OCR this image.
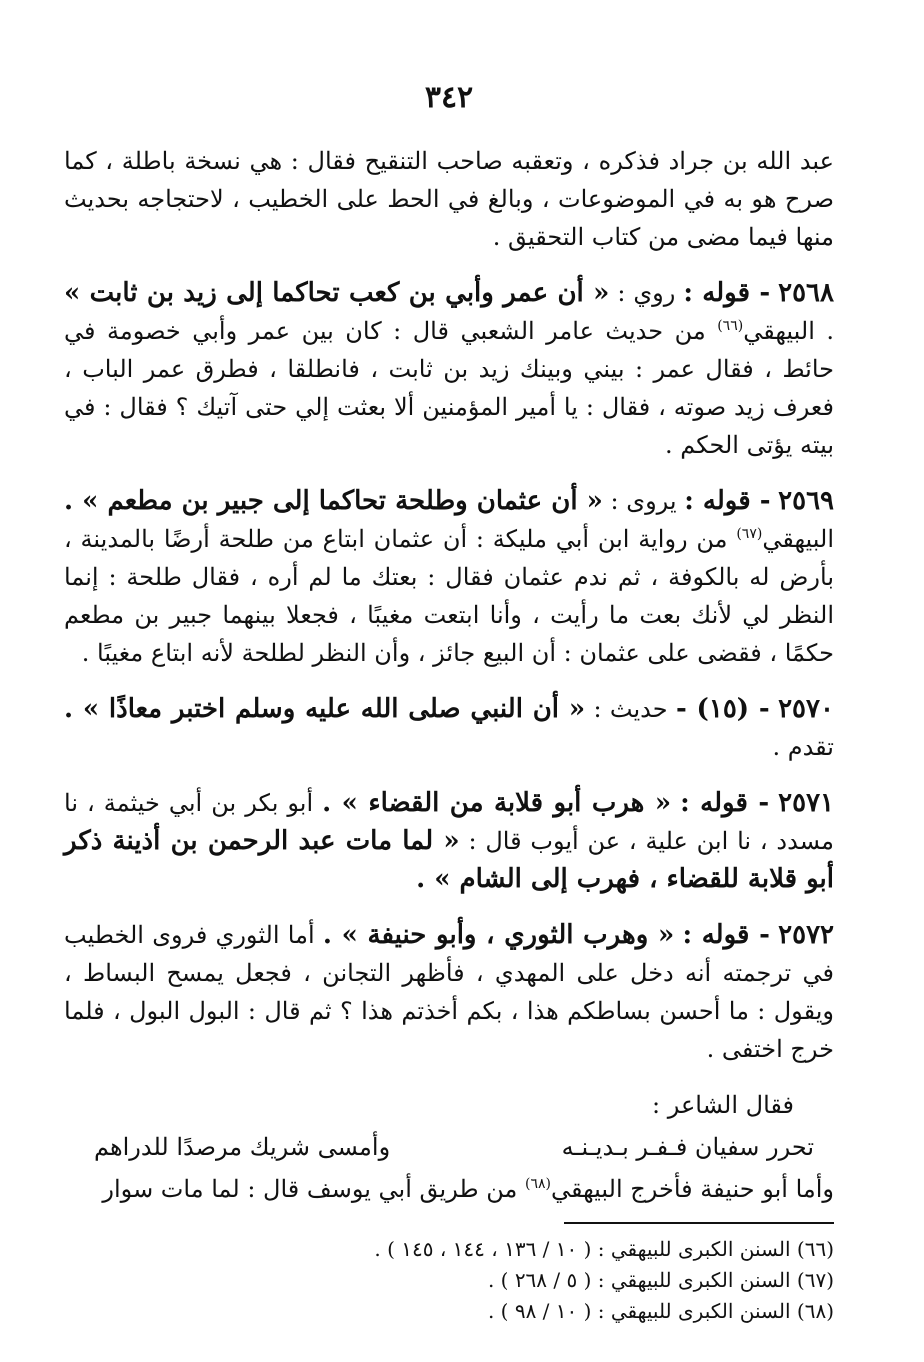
٣٤٢

عبد الله بن جراد فذكره ، وتعقبه صاحب التنقيح فقال : هي نسخة باطلة ، كما صرح هو به في الموضوعات ، وبالغ في الحط على الخطيب ، لاحتجاجه بحديث منها فيما مضى من كتاب التحقيق .

٢٥٦٨ - قوله : روي : « أن عمر وأبي بن كعب تحاكما إلى زيد بن ثابت » . البيهقي$^{(٦٦)}$ من حديث عامر الشعبي قال : كان بين عمر وأبي خصومة في حائط ، فقال عمر : بيني وبينك زيد بن ثابت ، فانطلقا ، فطرق عمر الباب ، فعرف زيد صوته ، فقال : يا أمير المؤمنين ألا بعثت إلي حتى آتيك ؟ فقال : في بيته يؤتى الحكم .

٢٥٦٩ - قوله : يروى : « أن عثمان وطلحة تحاكما إلى جبير بن مطعم » . البيهقي$^{(٦٧)}$ من رواية ابن أبي مليكة : أن عثمان ابتاع من طلحة أرضًا بالمدينة ، بأرض له بالكوفة ، ثم ندم عثمان فقال : بعتك ما لم أره ، فقال طلحة : إنما النظر لي لأنك بعت ما رأيت ، وأنا ابتعت مغيبًا ، فجعلا بينهما جبير بن مطعم حكمًا ، فقضى على عثمان : أن البيع جائز ، وأن النظر لطلحة لأنه ابتاع مغيبًا .

٢٥٧٠ - (١٥) - حديث : « أن النبي صلى الله عليه وسلم اختبر معاذًا » . تقدم .

٢٥٧١ - قوله : « هرب أبو قلابة من القضاء » . أبو بكر بن أبي خيثمة ، نا مسدد ، نا ابن علية ، عن أيوب قال : « لما مات عبد الرحمن بن أذينة ذكر أبو قلابة للقضاء ، فهرب إلى الشام » .

٢٥٧٢ - قوله : « وهرب الثوري ، وأبو حنيفة » . أما الثوري فروى الخطيب في ترجمته أنه دخل على المهدي ، فأظهر التجانن ، فجعل يمسح البساط ، ويقول : ما أحسن بساطكم هذا ، بكم أخذتم هذا ؟ ثم قال : البول البول ، فلما خرج اختفى .

فقال الشاعر :
تحرر سفيان فـفـر بـديـنـه
وأمسى شريك مرصدًا للدراهم

وأما أبو حنيفة فأخرج البيهقي$^{(٦٨)}$ من طريق أبي يوسف قال : لما مات سوار

(٦٦) السنن الكبرى للبيهقي : ( ١٠ / ١٣٦ ، ١٤٤ ، ١٤٥ ) .

(٦٧) السنن الكبرى للبيهقي : ( ٥ / ٢٦٨ ) .

(٦٨) السنن الكبرى للبيهقي : ( ١٠ / ٩٨ ) .
